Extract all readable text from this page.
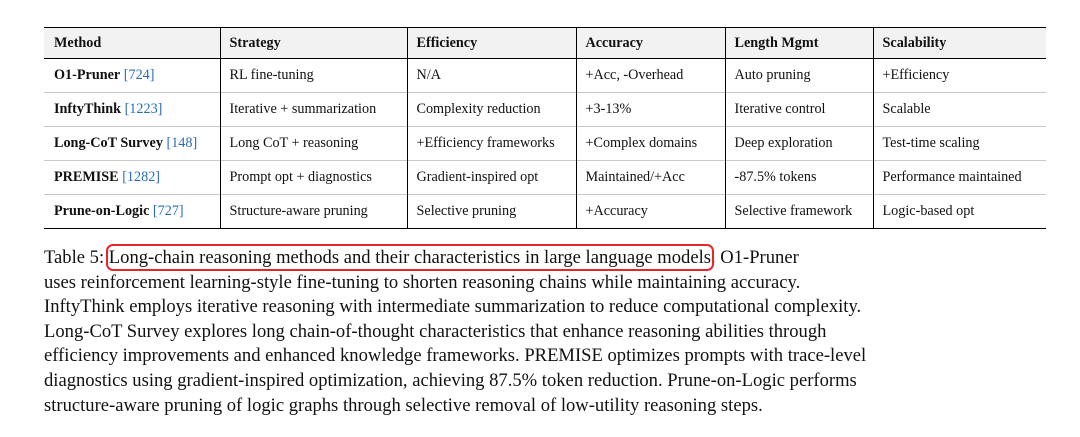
Method	Strategy	Efficiency	Accuracy	Length Mgmt	Scalability
O1-Pruner [724]	RL fine-tuning	N/A	+Acc, -Overhead	Auto pruning	+Efficiency
InftyThink [1223]	Iterative + summarization	Complexity reduction	+3-13%	Iterative control	Scalable
Long-CoT Survey [148]	Long CoT + reasoning	+Efficiency frameworks	+Complex domains	Deep exploration	Test-time scaling
PREMISE [1282]	Prompt opt + diagnostics	Gradient-inspired opt	Maintained/+Acc	-87.5% tokens	Performance maintained
Prune-on-Logic [727]	Structure-aware pruning	Selective pruning	+Accuracy	Selective framework	Logic-based opt
Table 5: Long-chain reasoning methods and their characteristics in large language models. O1-Pruner
uses reinforcement learning-style fine-tuning to shorten reasoning chains while maintaining accuracy.
InftyThink employs iterative reasoning with intermediate summarization to reduce computational complexity.
Long-CoT Survey explores long chain-of-thought characteristics that enhance reasoning abilities through
efficiency improvements and enhanced knowledge frameworks. PREMISE optimizes prompts with trace-level
diagnostics using gradient-inspired optimization, achieving 87.5% token reduction. Prune-on-Logic performs
structure-aware pruning of logic graphs through selective removal of low-utility reasoning steps.
